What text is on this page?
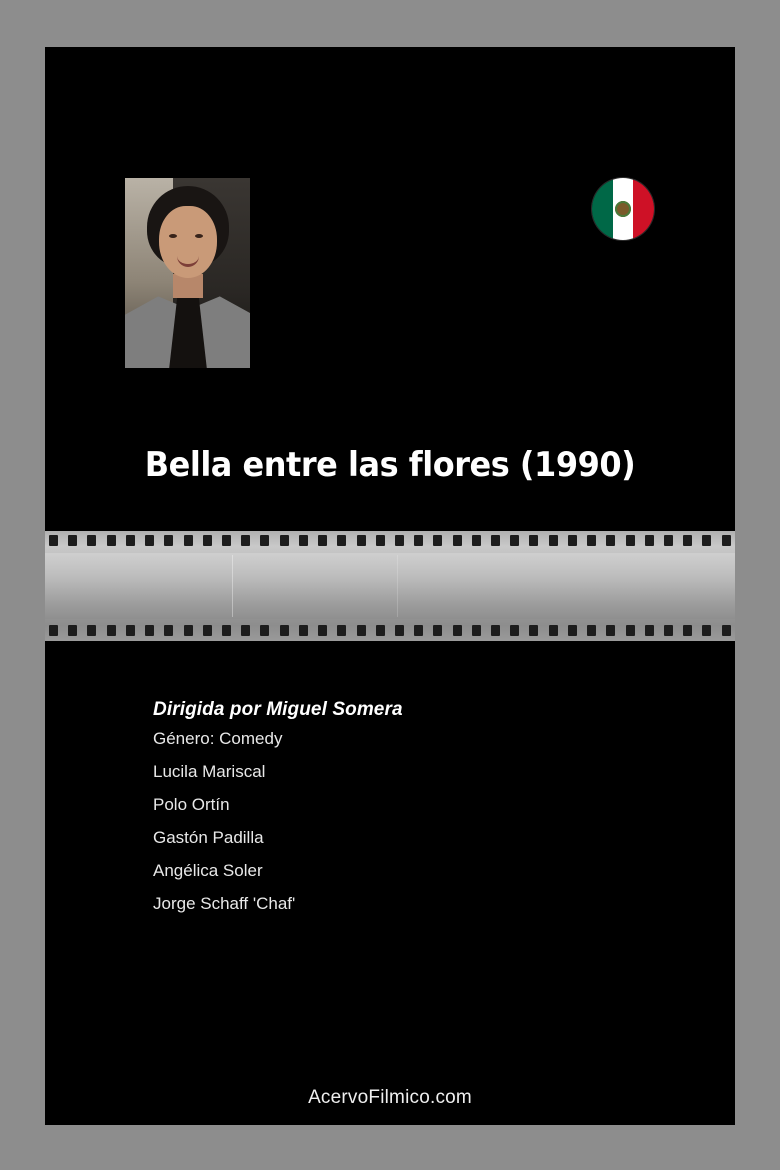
Bella entre las flores (1990)

Dirigida por Miguel Somera

Género: Comedy

Lucila Mariscal

Polo Ortín

Gastón Padilla

Angélica Soler

Jorge Schaff 'Chaf'

AcervoFilmico.com
